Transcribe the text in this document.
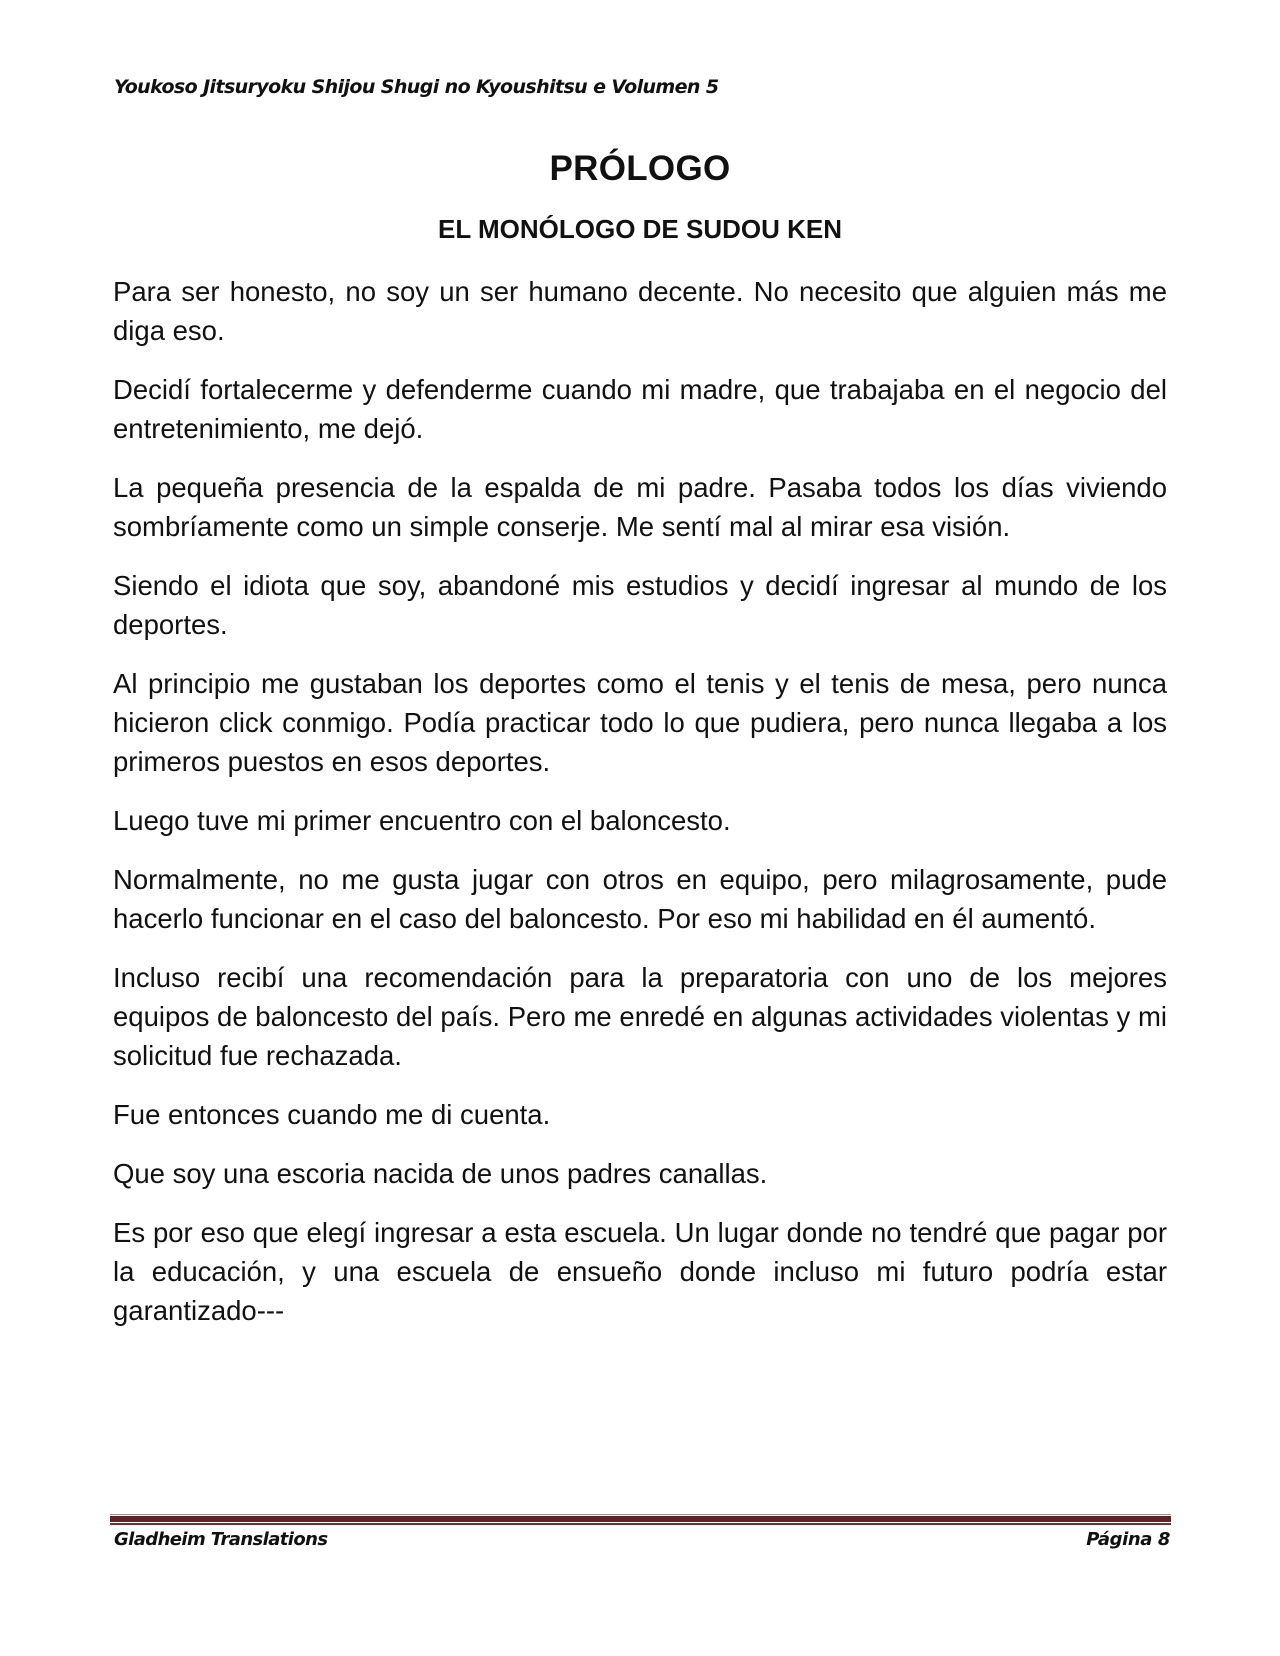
Youkoso Jitsuryoku Shijou Shugi no Kyoushitsu e Volumen 5
PRÓLOGO
EL MONÓLOGO DE SUDOU KEN

Para ser honesto, no soy un ser humano decente. No necesito que alguien más me diga eso.

Decidí fortalecerme y defenderme cuando mi madre, que trabajaba en el negocio del entretenimiento, me dejó.

La pequeña presencia de la espalda de mi padre. Pasaba todos los días viviendo sombríamente como un simple conserje. Me sentí mal al mirar esa visión.

Siendo el idiota que soy, abandoné mis estudios y decidí ingresar al mundo de los deportes.

Al principio me gustaban los deportes como el tenis y el tenis de mesa, pero nunca hicieron click conmigo. Podía practicar todo lo que pudiera, pero nunca llegaba a los primeros puestos en esos deportes.

Luego tuve mi primer encuentro con el baloncesto.

Normalmente, no me gusta jugar con otros en equipo, pero milagrosamente, pude hacerlo funcionar en el caso del baloncesto. Por eso mi habilidad en él aumentó.

Incluso recibí una recomendación para la preparatoria con uno de los mejores equipos de baloncesto del país. Pero me enredé en algunas actividades violentas y mi solicitud fue rechazada.

Fue entonces cuando me di cuenta.

Que soy una escoria nacida de unos padres canallas.

Es por eso que elegí ingresar a esta escuela. Un lugar donde no tendré que pagar por la educación, y una escuela de ensueño donde incluso mi futuro podría estar garantizado---

Gladheim Translations	Página 8
